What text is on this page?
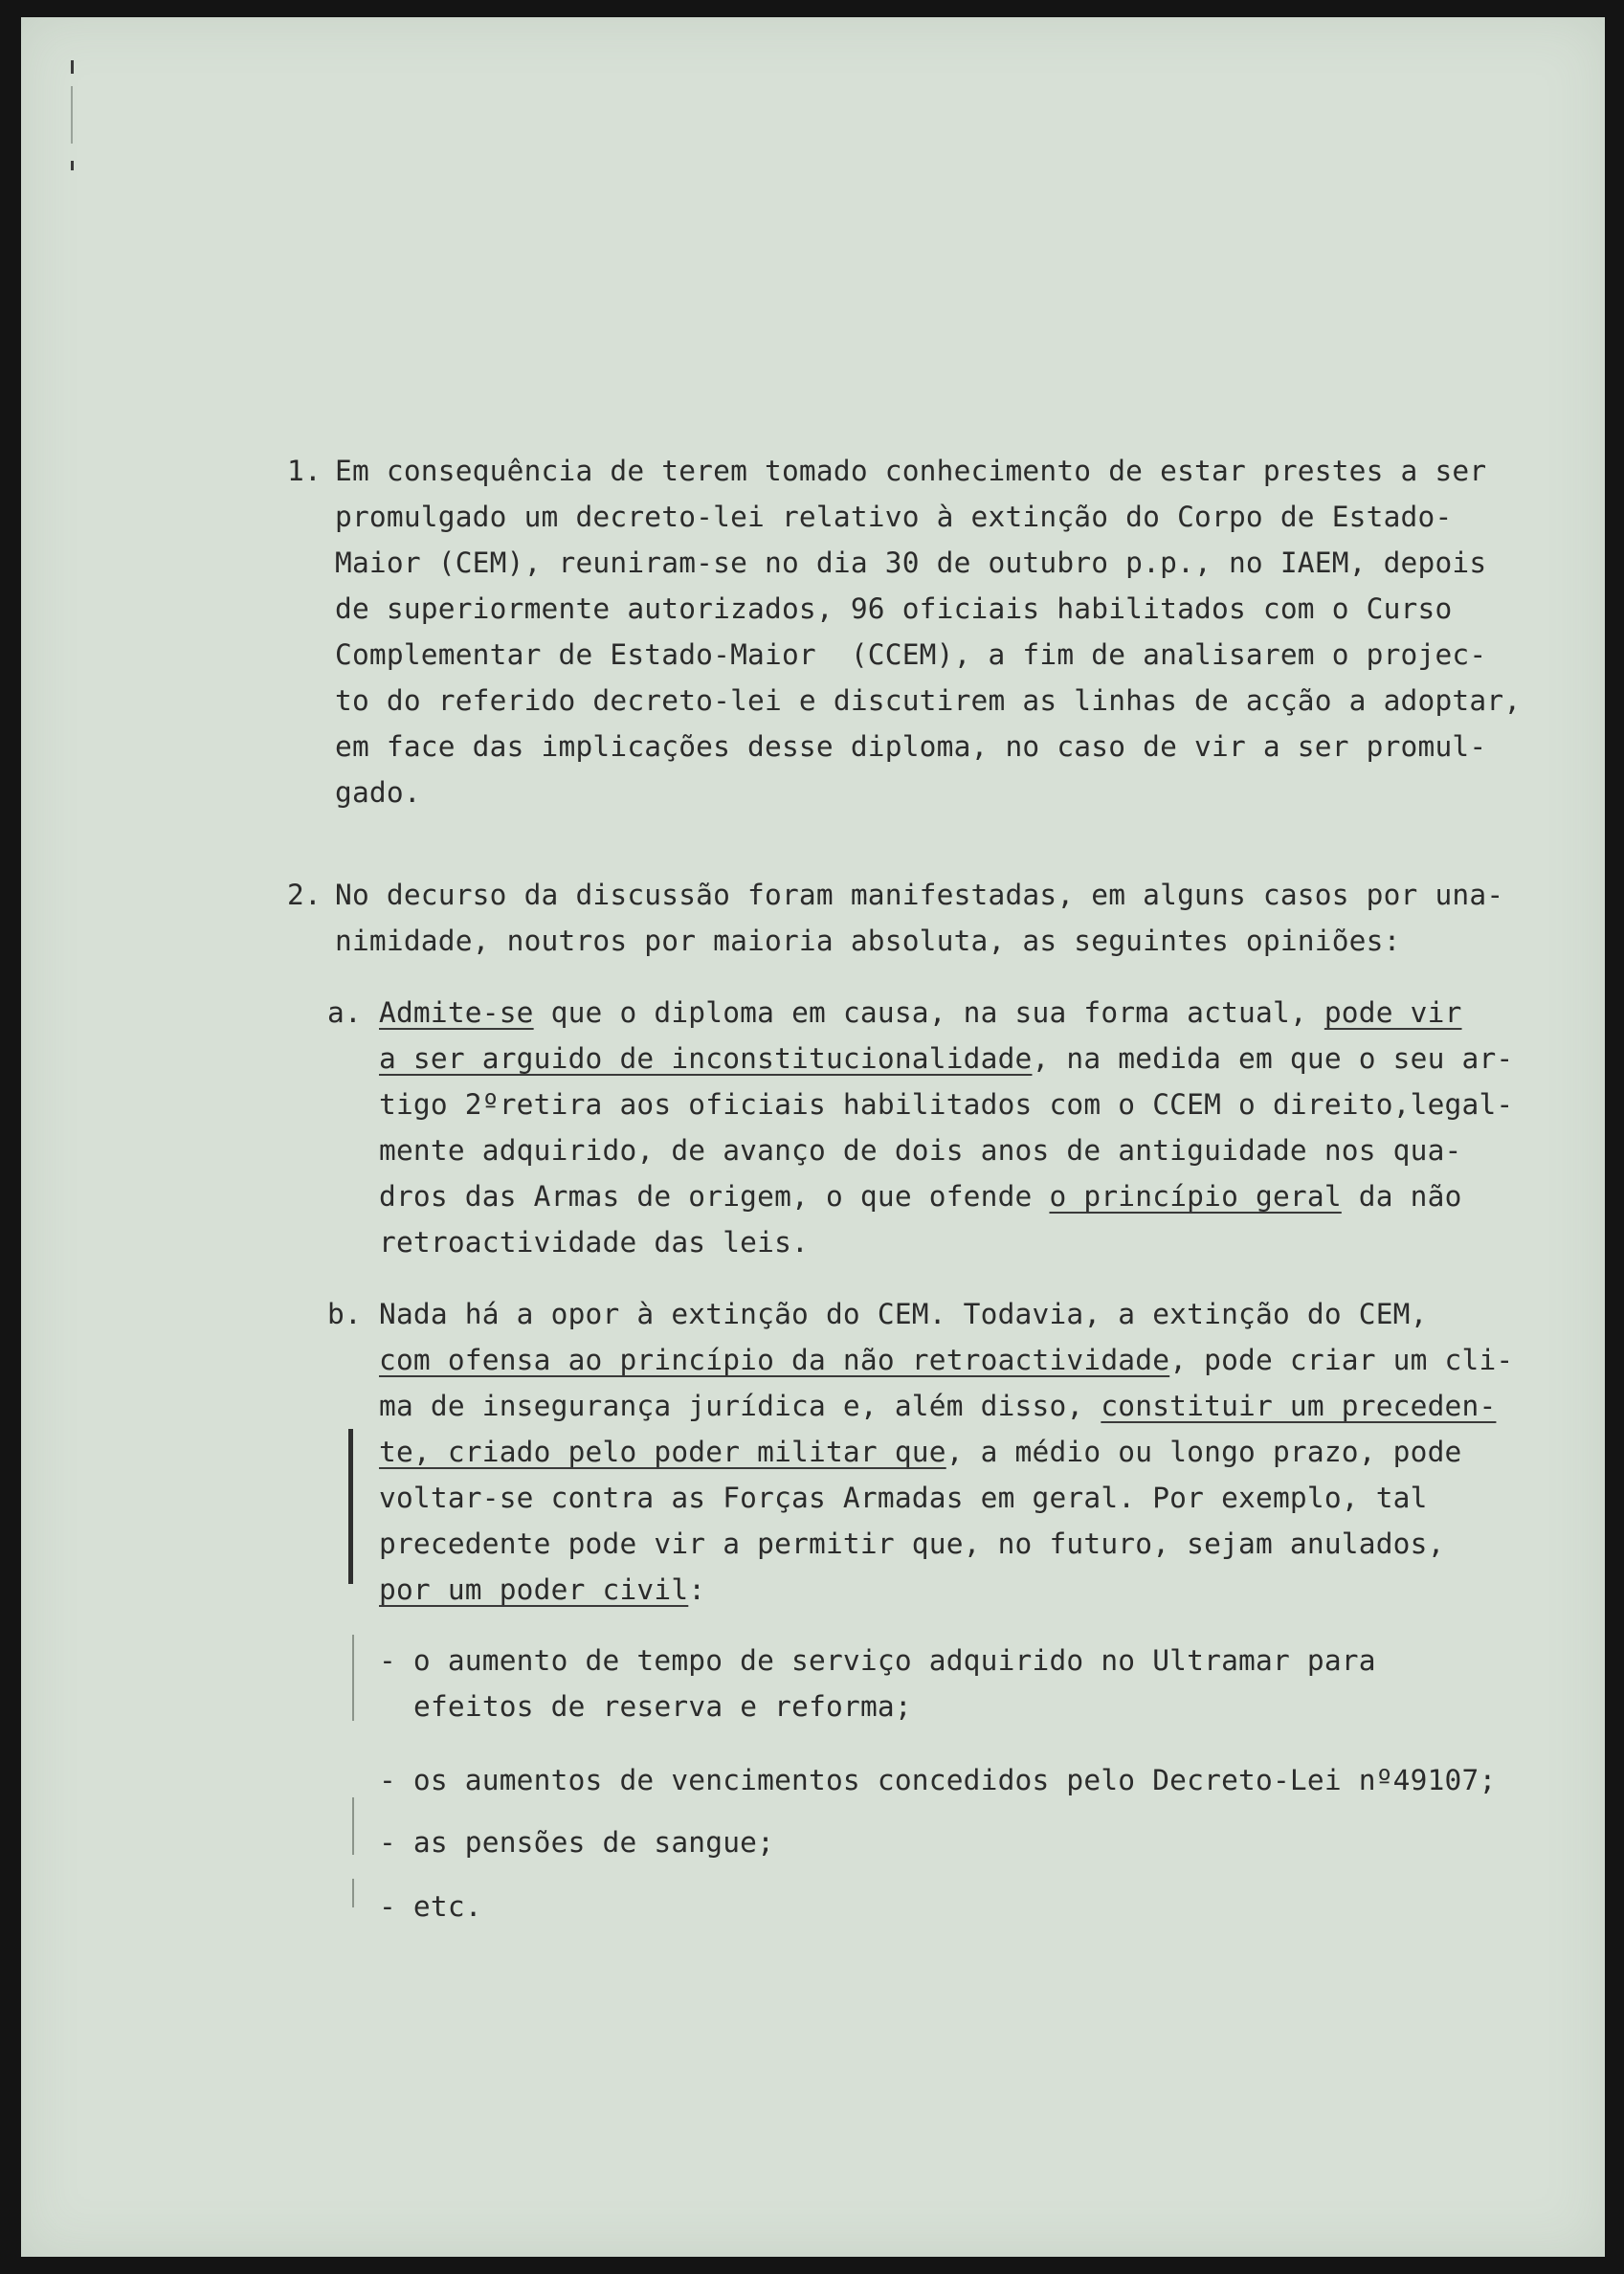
1.

Em consequência de terem tomado conhecimento de estar prestes a ser

promulgado um decreto-lei relativo à extinção do Corpo de Estado-

Maior (CEM), reuniram-se no dia 30 de outubro p.p., no IAEM, depois

de superiormente autorizados, 96 oficiais habilitados com o Curso

Complementar de Estado-Maior  (CCEM), a fim de analisarem o projec-

to do referido decreto-lei e discutirem as linhas de acção a adoptar,

em face das implicações desse diploma, no caso de vir a ser promul-

gado.

2.

No decurso da discussão foram manifestadas, em alguns casos por una-

nimidade, noutros por maioria absoluta, as seguintes opiniões:

a.

Admite-se que o diploma em causa, na sua forma actual, pode vir

a ser arguido de inconstitucionalidade, na medida em que o seu ar-

tigo 2ºretira aos oficiais habilitados com o CCEM o direito,legal-

mente adquirido, de avanço de dois anos de antiguidade nos qua-

dros das Armas de origem, o que ofende o princípio geral da não

retroactividade das leis.

b.

Nada há a opor à extinção do CEM. Todavia, a extinção do CEM,

com ofensa ao princípio da não retroactividade, pode criar um cli-

ma de insegurança jurídica e, além disso, constituir um preceden-

te, criado pelo poder militar que, a médio ou longo prazo, pode

voltar-se contra as Forças Armadas em geral. Por exemplo, tal

precedente pode vir a permitir que, no futuro, sejam anulados,

por um poder civil:

- o aumento de tempo de serviço adquirido no Ultramar para

efeitos de reserva e reforma;

- os aumentos de vencimentos concedidos pelo Decreto-Lei nº49107;

- as pensões de sangue;

- etc.
